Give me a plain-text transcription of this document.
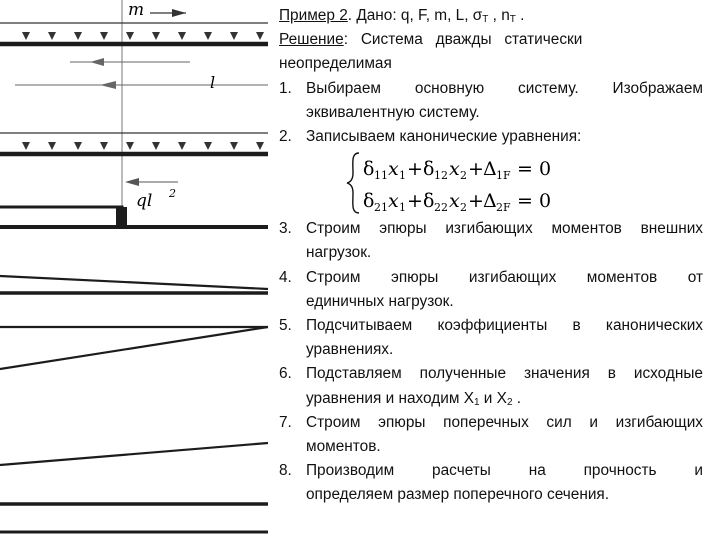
m
l
ql 2
Пример 2. Дано: q, F, m, L, $\sigma_T$ , $n_T$ .
Решение:   Система   дважды   статически
неопределимая
1. Выбираем основную систему. Изображаем
эквивалентную систему.
2. Записываем канонические уравнения:
δ 11 x 1 + δ 12 x 2 + Δ 1F = 0
δ 21 x 1 + δ 22 x 2 + Δ 2F = 0
3. Строим эпюры изгибающих моментов внешних
нагрузок.
4. Строим эпюры изгибающих моментов от
единичных нагрузок.
5. Подсчитываем коэффициенты в канонических
уравнениях.
6. Подставляем полученные значения в исходные
уравнения и находим $X_1$ и $X_2$ .
7. Строим эпюры поперечных сил и изгибающих
моментов.
8. Производим расчеты на прочность и
определяем размер поперечного сечения.
